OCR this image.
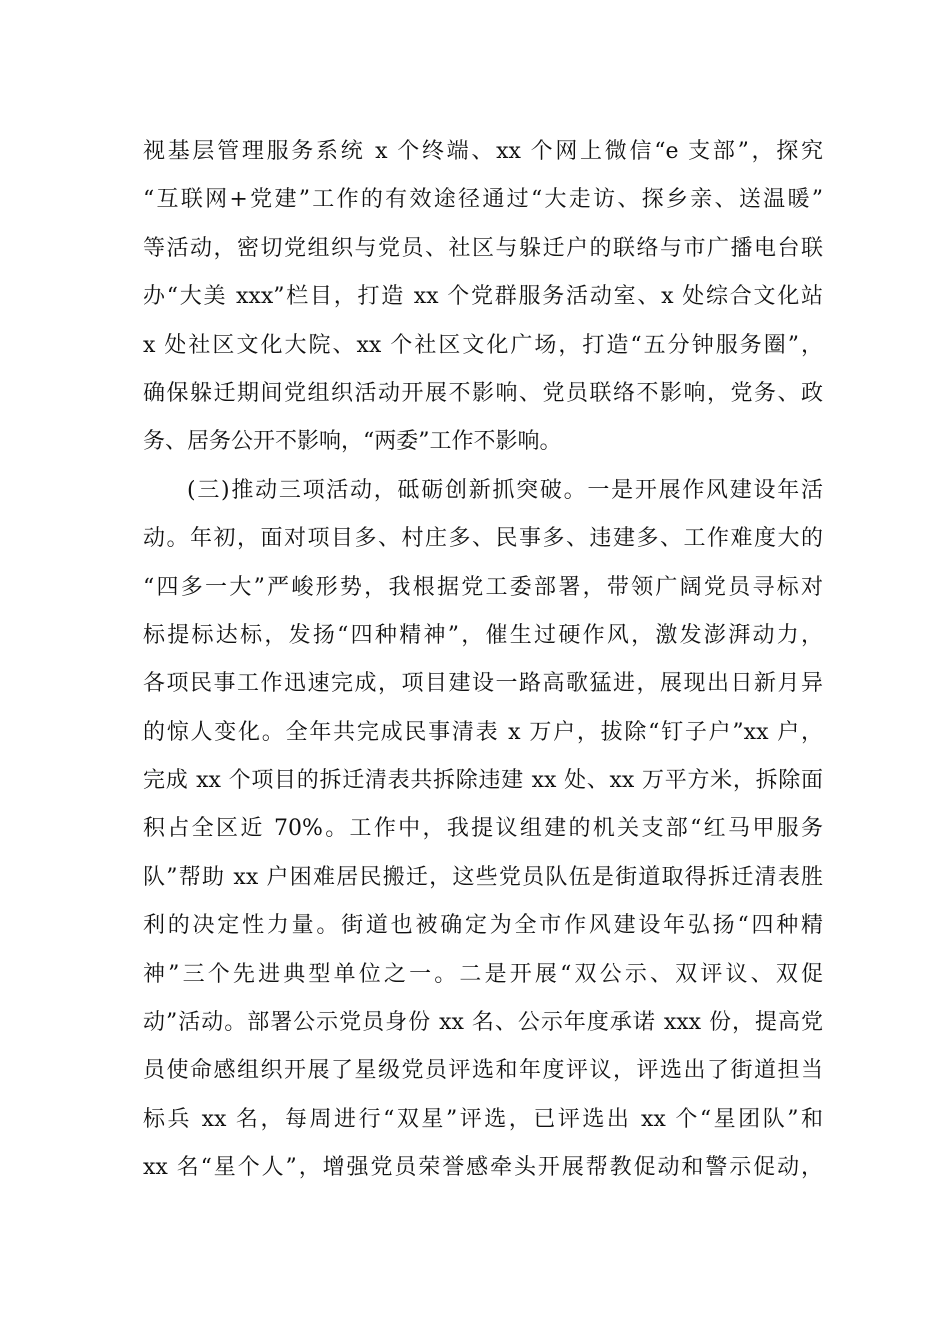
视基层管理服务系统 x 个终端、xx 个网上微信“e 支部”，探究
“互联网+党建”工作的有效途径通过“大走访、探乡亲、送温暖”
等活动，密切党组织与党员、社区与躲迁户的联络与市广播电台联
办“大美 xxx”栏目，打造 xx 个党群服务活动室、x 处综合文化站
x 处社区文化大院、xx 个社区文化广场，打造“五分钟服务圈”，
确保躲迁期间党组织活动开展不影响、党员联络不影响，党务、政
务、居务公开不影响，“两委”工作不影响。
(三)推动三项活动，砥砺创新抓突破。一是开展作风建设年活
动。年初，面对项目多、村庄多、民事多、违建多、工作难度大的
“四多一大”严峻形势，我根据党工委部署，带领广阔党员寻标对
标提标达标，发扬“四种精神”，催生过硬作风，激发澎湃动力，
各项民事工作迅速完成，项目建设一路高歌猛进，展现出日新月异
的惊人变化。全年共完成民事清表 x 万户，拔除“钉子户”xx 户，
完成 xx 个项目的拆迁清表共拆除违建 xx 处、xx 万平方米，拆除面
积占全区近 70%。工作中，我提议组建的机关支部“红马甲服务
队”帮助 xx 户困难居民搬迁，这些党员队伍是街道取得拆迁清表胜
利的决定性力量。街道也被确定为全市作风建设年弘扬“四种精
神”三个先进典型单位之一。二是开展“双公示、双评议、双促
动”活动。部署公示党员身份 xx 名、公示年度承诺 xxx 份，提高党
员使命感组织开展了星级党员评选和年度评议，评选出了街道担当
标兵 xx 名，每周进行“双星”评选，已评选出 xx 个“星团队”和
xx 名“星个人”，增强党员荣誉感牵头开展帮教促动和警示促动，
